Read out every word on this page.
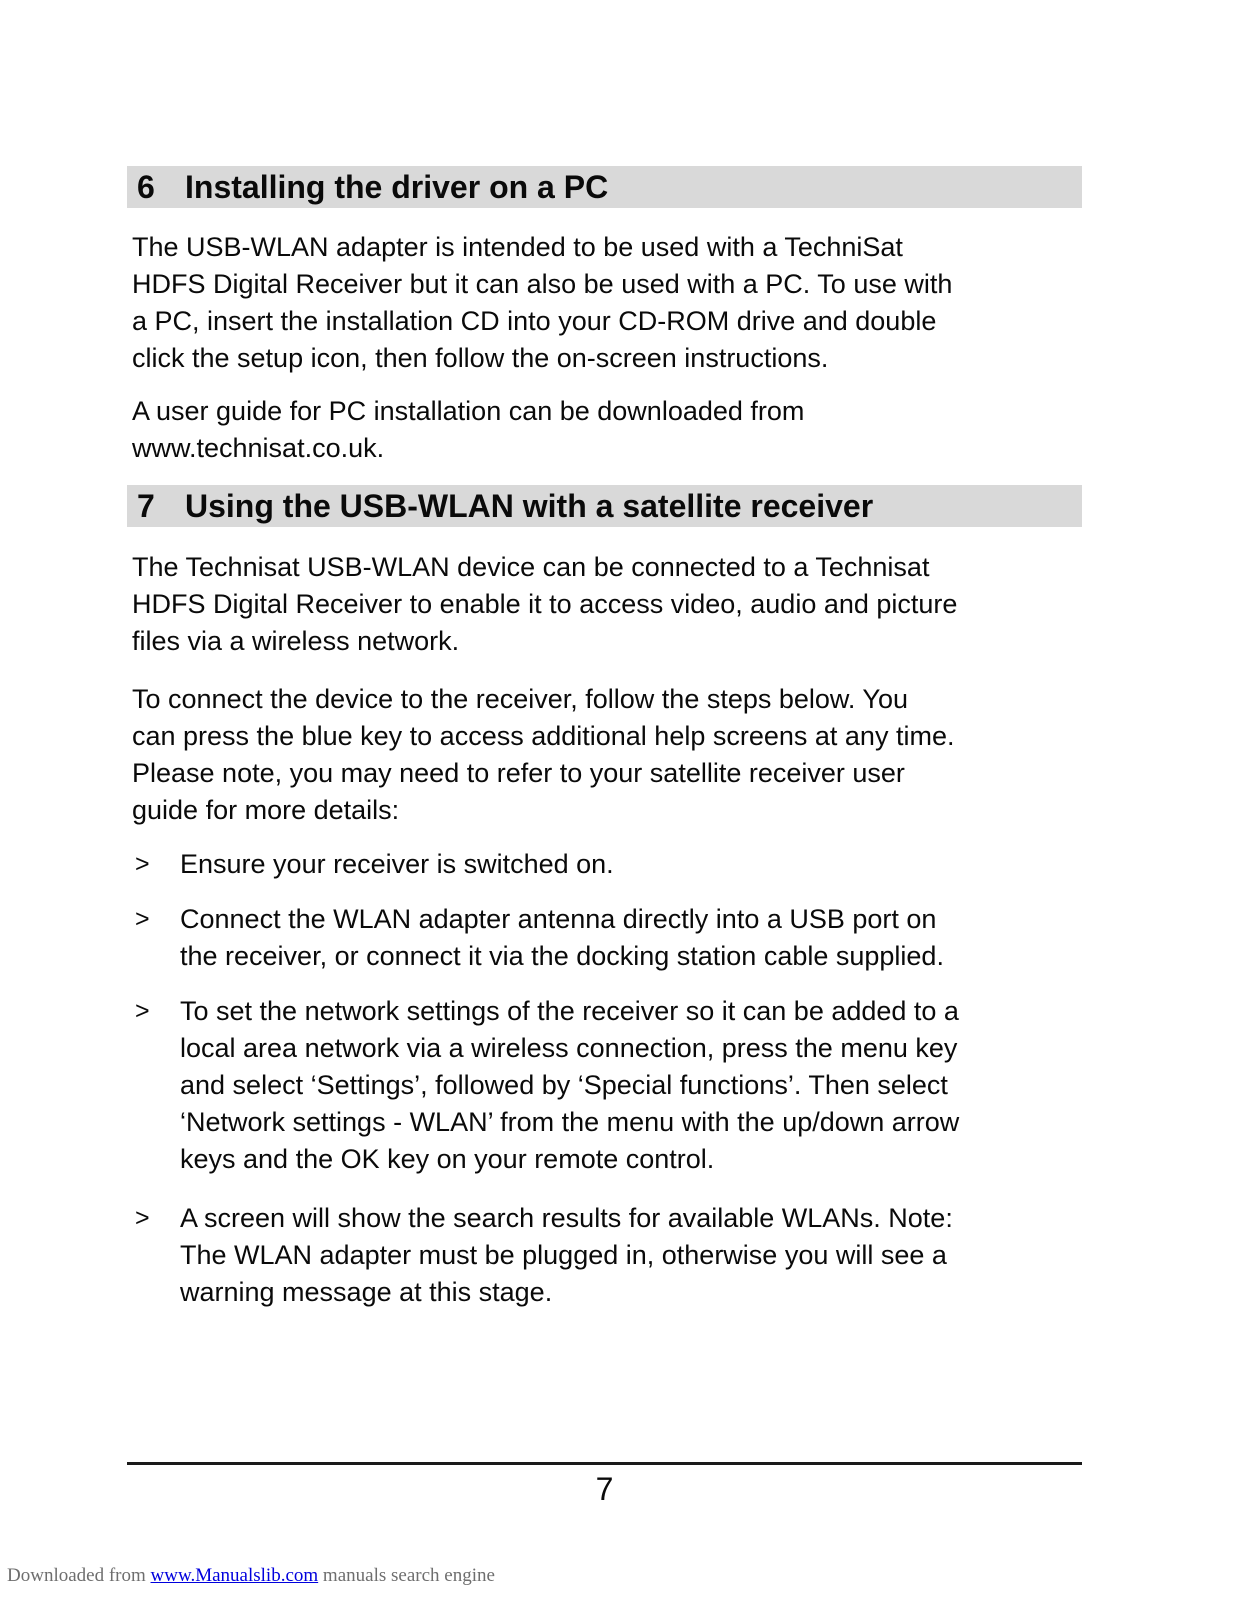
6 Installing the driver on a PC

The USB-WLAN adapter is intended to be used with a TechniSat
HDFS Digital Receiver but it can also be used with a PC. To use with
a PC, insert the installation CD into your CD-ROM drive and double
click the setup icon, then follow the on-screen instructions.

A user guide for PC installation can be downloaded from
www.technisat.co.uk.

7 Using the USB-WLAN with a satellite receiver

The Technisat USB-WLAN device can be connected to a Technisat
HDFS Digital Receiver to enable it to access video, audio and picture
files via a wireless network.

To connect the device to the receiver, follow the steps below. You
can press the blue key to access additional help screens at any time.
Please note, you may need to refer to your satellite receiver user
guide for more details:

>	Ensure your receiver is switched on.
>	Connect the WLAN adapter antenna directly into a USB port on
the receiver, or connect it via the docking station cable supplied.
>	To set the network settings of the receiver so it can be added to a
local area network via a wireless connection, press the menu key
and select ‘Settings’, followed by ‘Special functions’. Then select
‘Network settings - WLAN’ from the menu with the up/down arrow
keys and the OK key on your remote control.
>	A screen will show the search results for available WLANs. Note:
The WLAN adapter must be plugged in, otherwise you will see a
warning message at this stage.
7
Downloaded from www.Manualslib.com manuals search engine
